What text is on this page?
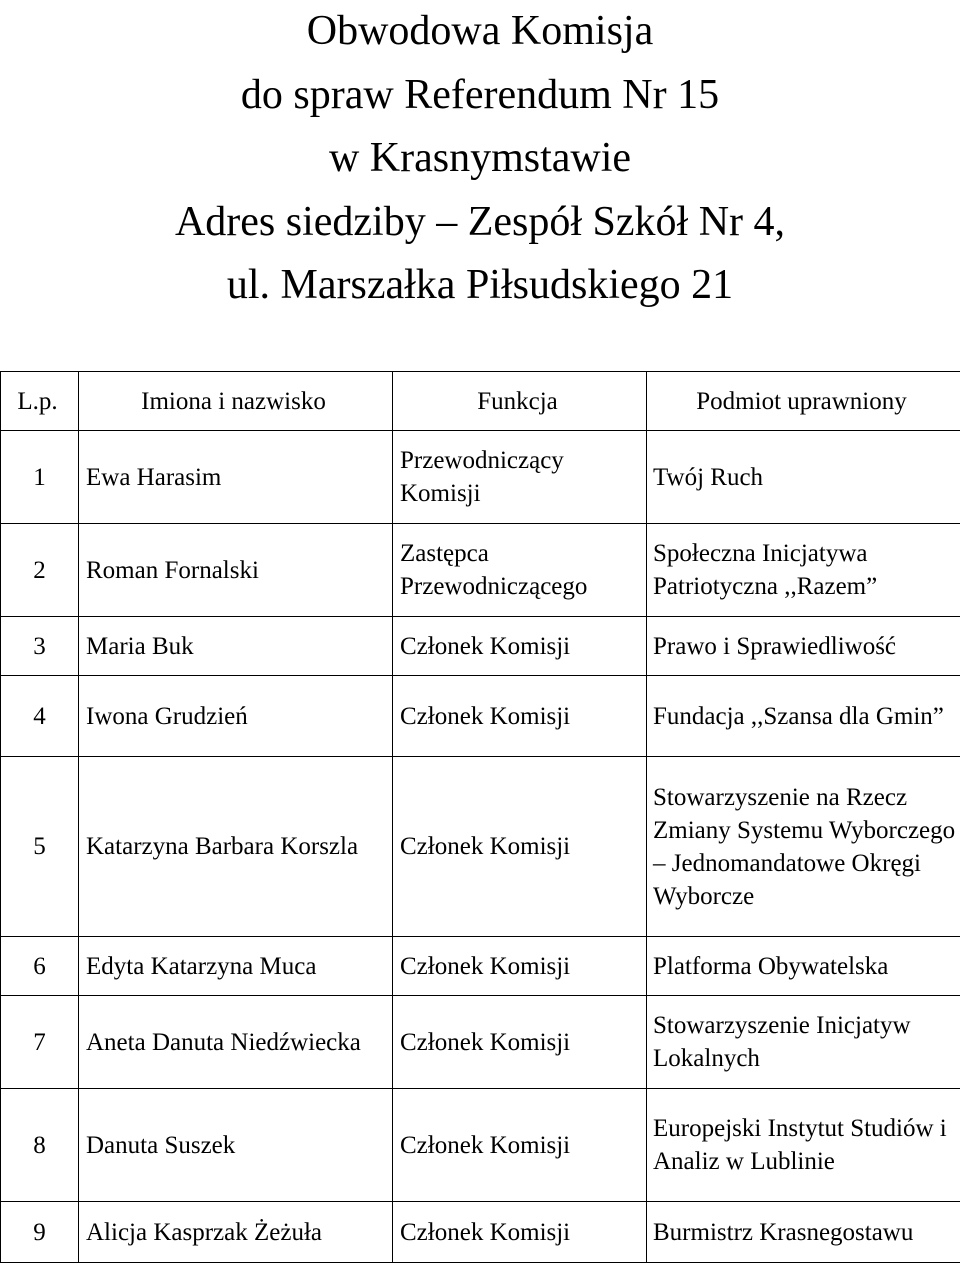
Obwodowa Komisja
do spraw Referendum Nr 15
w Krasnymstawie
Adres siedziby – Zespół Szkół Nr 4,
ul. Marszałka Piłsudskiego 21
L.p.	Imiona i nazwisko	Funkcja	Podmiot uprawniony
1	Ewa Harasim	Przewodniczący Komisji	Twój Ruch
2	Roman Fornalski	Zastępca Przewodniczącego	Społeczna Inicjatywa Patriotyczna ,,Razem”
3	Maria Buk	Członek Komisji	Prawo i Sprawiedliwość
4	Iwona Grudzień	Członek Komisji	Fundacja ,,Szansa dla Gmin”
5	Katarzyna Barbara Korszla	Członek Komisji	Stowarzyszenie na Rzecz Zmiany Systemu Wyborczego – Jednomandatowe Okręgi Wyborcze
6	Edyta Katarzyna Muca	Członek Komisji	Platforma Obywatelska
7	Aneta Danuta Niedźwiecka	Członek Komisji	Stowarzyszenie Inicjatyw Lokalnych
8	Danuta Suszek	Członek Komisji	Europejski Instytut Studiów i Analiz w Lublinie
9	Alicja Kasprzak Żeżuła	Członek Komisji	Burmistrz Krasnegostawu
